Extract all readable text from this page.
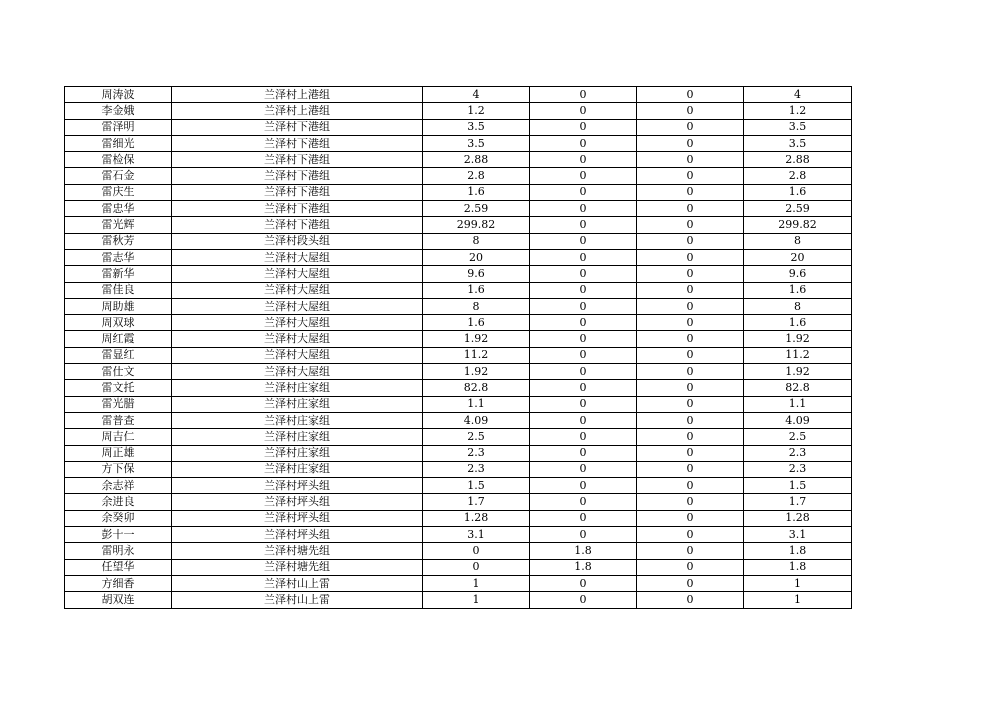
周涛波	兰泽村上港组	4	0	0	4
李金娥	兰泽村上港组	1.2	0	0	1.2
雷泽明	兰泽村下港组	3.5	0	0	3.5
雷细光	兰泽村下港组	3.5	0	0	3.5
雷检保	兰泽村下港组	2.88	0	0	2.88
雷石金	兰泽村下港组	2.8	0	0	2.8
雷庆生	兰泽村下港组	1.6	0	0	1.6
雷忠华	兰泽村下港组	2.59	0	0	2.59
雷光辉	兰泽村下港组	299.82	0	0	299.82
雷秋芳	兰泽村段头组	8	0	0	8
雷志华	兰泽村大屋组	20	0	0	20
雷新华	兰泽村大屋组	9.6	0	0	9.6
雷佳良	兰泽村大屋组	1.6	0	0	1.6
周助雄	兰泽村大屋组	8	0	0	8
周双球	兰泽村大屋组	1.6	0	0	1.6
周红霞	兰泽村大屋组	1.92	0	0	1.92
雷显红	兰泽村大屋组	11.2	0	0	11.2
雷仕文	兰泽村大屋组	1.92	0	0	1.92
雷文托	兰泽村庄家组	82.8	0	0	82.8
雷光腊	兰泽村庄家组	1.1	0	0	1.1
雷普查	兰泽村庄家组	4.09	0	0	4.09
周吉仁	兰泽村庄家组	2.5	0	0	2.5
周正雄	兰泽村庄家组	2.3	0	0	2.3
方下保	兰泽村庄家组	2.3	0	0	2.3
余志祥	兰泽村坪头组	1.5	0	0	1.5
余进良	兰泽村坪头组	1.7	0	0	1.7
余癸卯	兰泽村坪头组	1.28	0	0	1.28
彭十一	兰泽村坪头组	3.1	0	0	3.1
雷明永	兰泽村塘先组	0	1.8	0	1.8
任望华	兰泽村塘先组	0	1.8	0	1.8
方细香	兰泽村山上雷	1	0	0	1
胡双连	兰泽村山上雷	1	0	0	1
